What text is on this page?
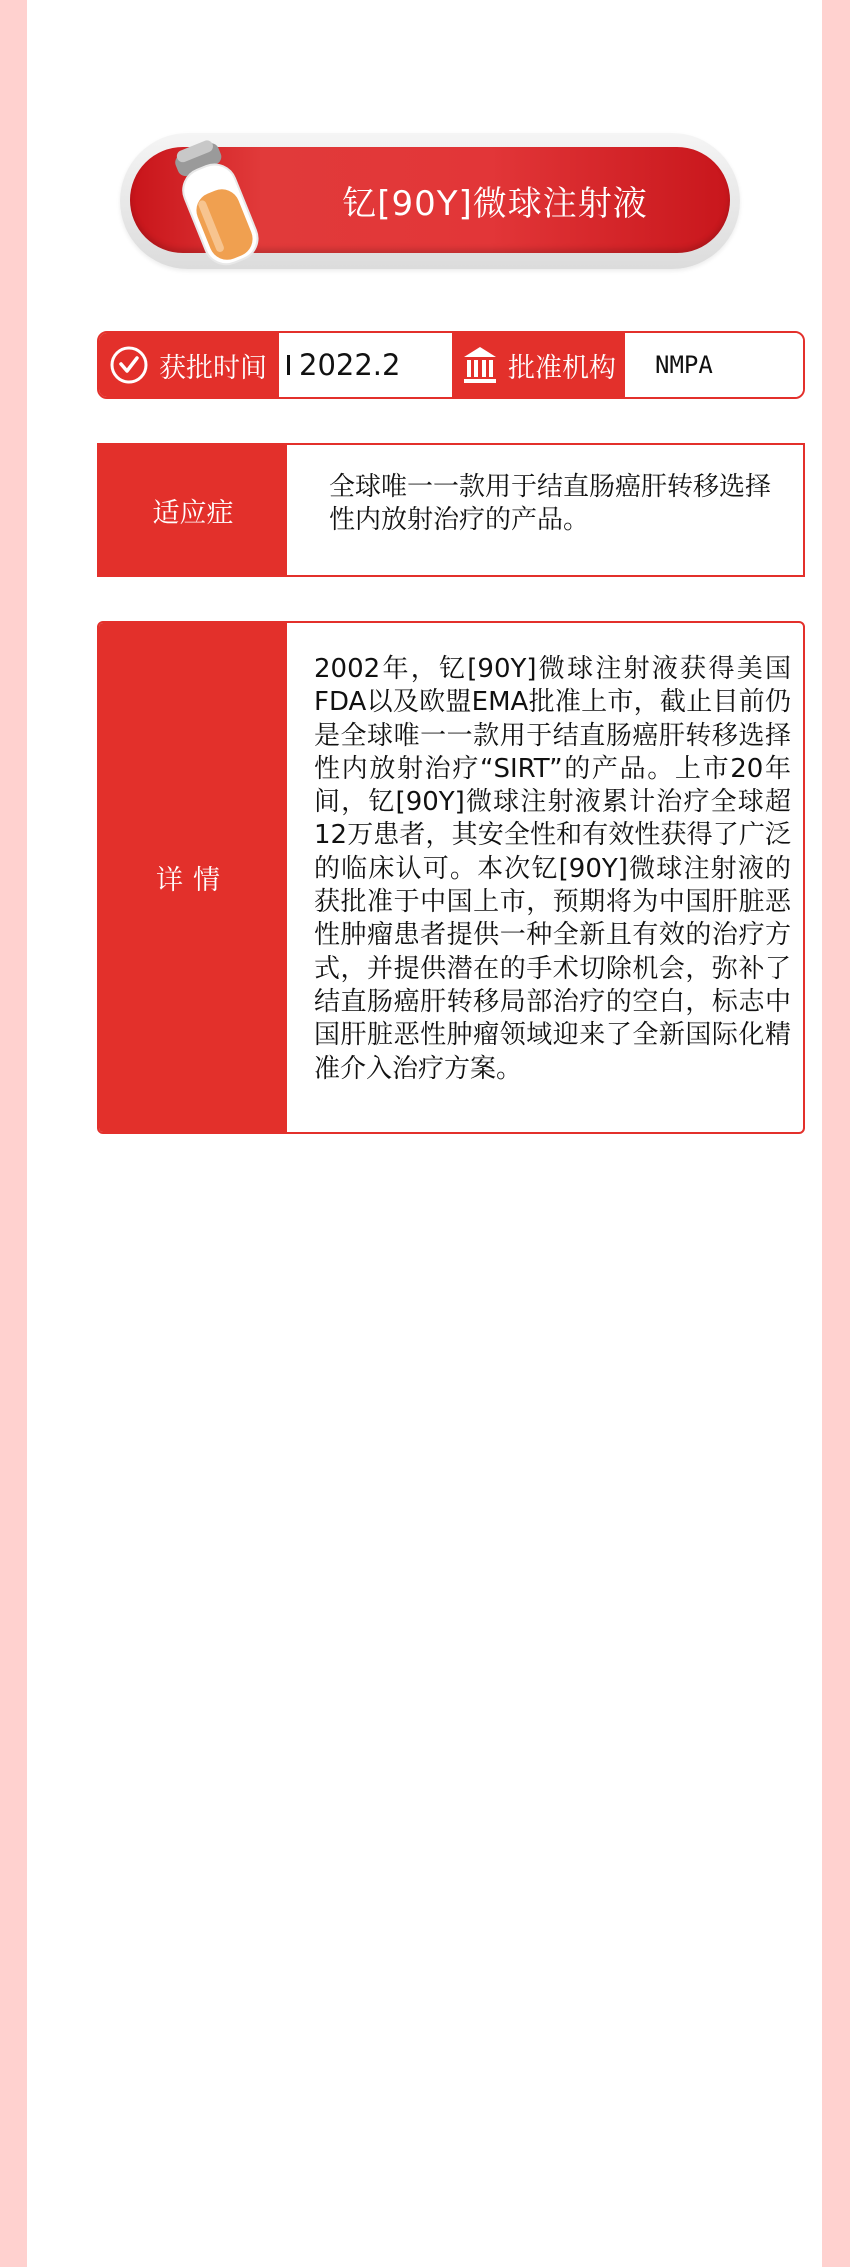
钇[90Y]微球注射液
获批时间 2022.2	批准机构 NMPA
适应症
全球唯一一款用于结直肠癌肝转移选择性内放射治疗的产品。
详情
2002年，钇[90Y]微球注射液获得美国FDA以及欧盟EMA批准上市，截止目前仍是全球唯一一款用于结直肠癌肝转移选择性内放射治疗“SIRT”的产品。上市20年间，钇[90Y]微球注射液累计治疗全球超12万患者，其安全性和有效性获得了广泛的临床认可。本次钇[90Y]微球注射液的获批准于中国上市，预期将为中国肝脏恶性肿瘤患者提供一种全新且有效的治疗方式，并提供潜在的手术切除机会，弥补了结直肠癌肝转移局部治疗的空白，标志中国肝脏恶性肿瘤领域迎来了全新国际化精准介入治疗方案。
